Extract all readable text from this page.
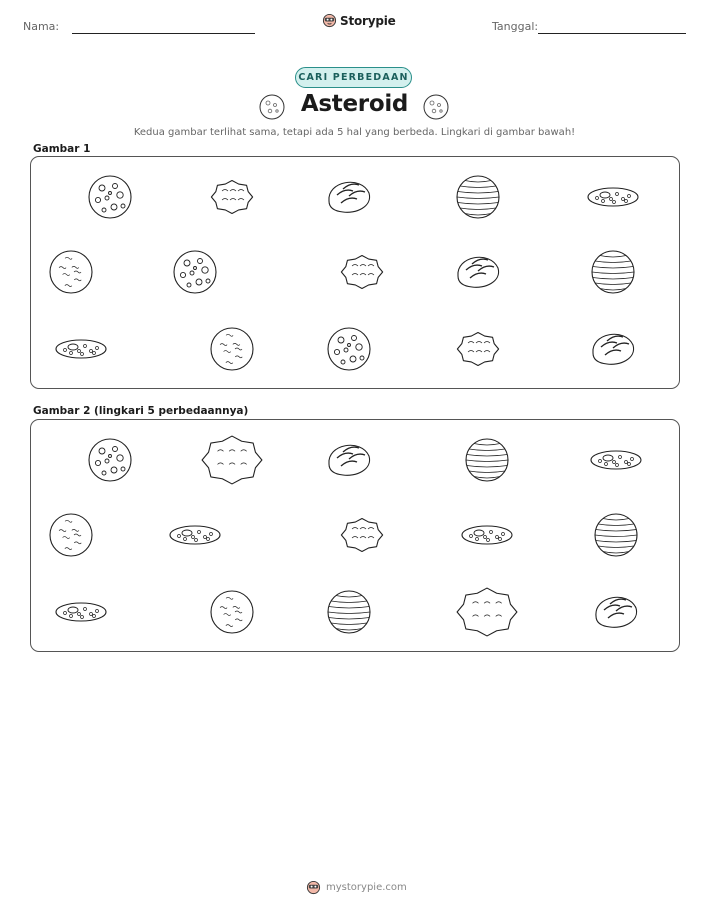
Nama:	Storypie	Tanggal:
CARI PERBEDAAN
Asteroid
Kedua gambar terlihat sama, tetapi ada 5 hal yang berbeda. Lingkari di gambar bawah!
Gambar 1
Gambar 2 (lingkari 5 perbedaannya)
mystorypie.com
